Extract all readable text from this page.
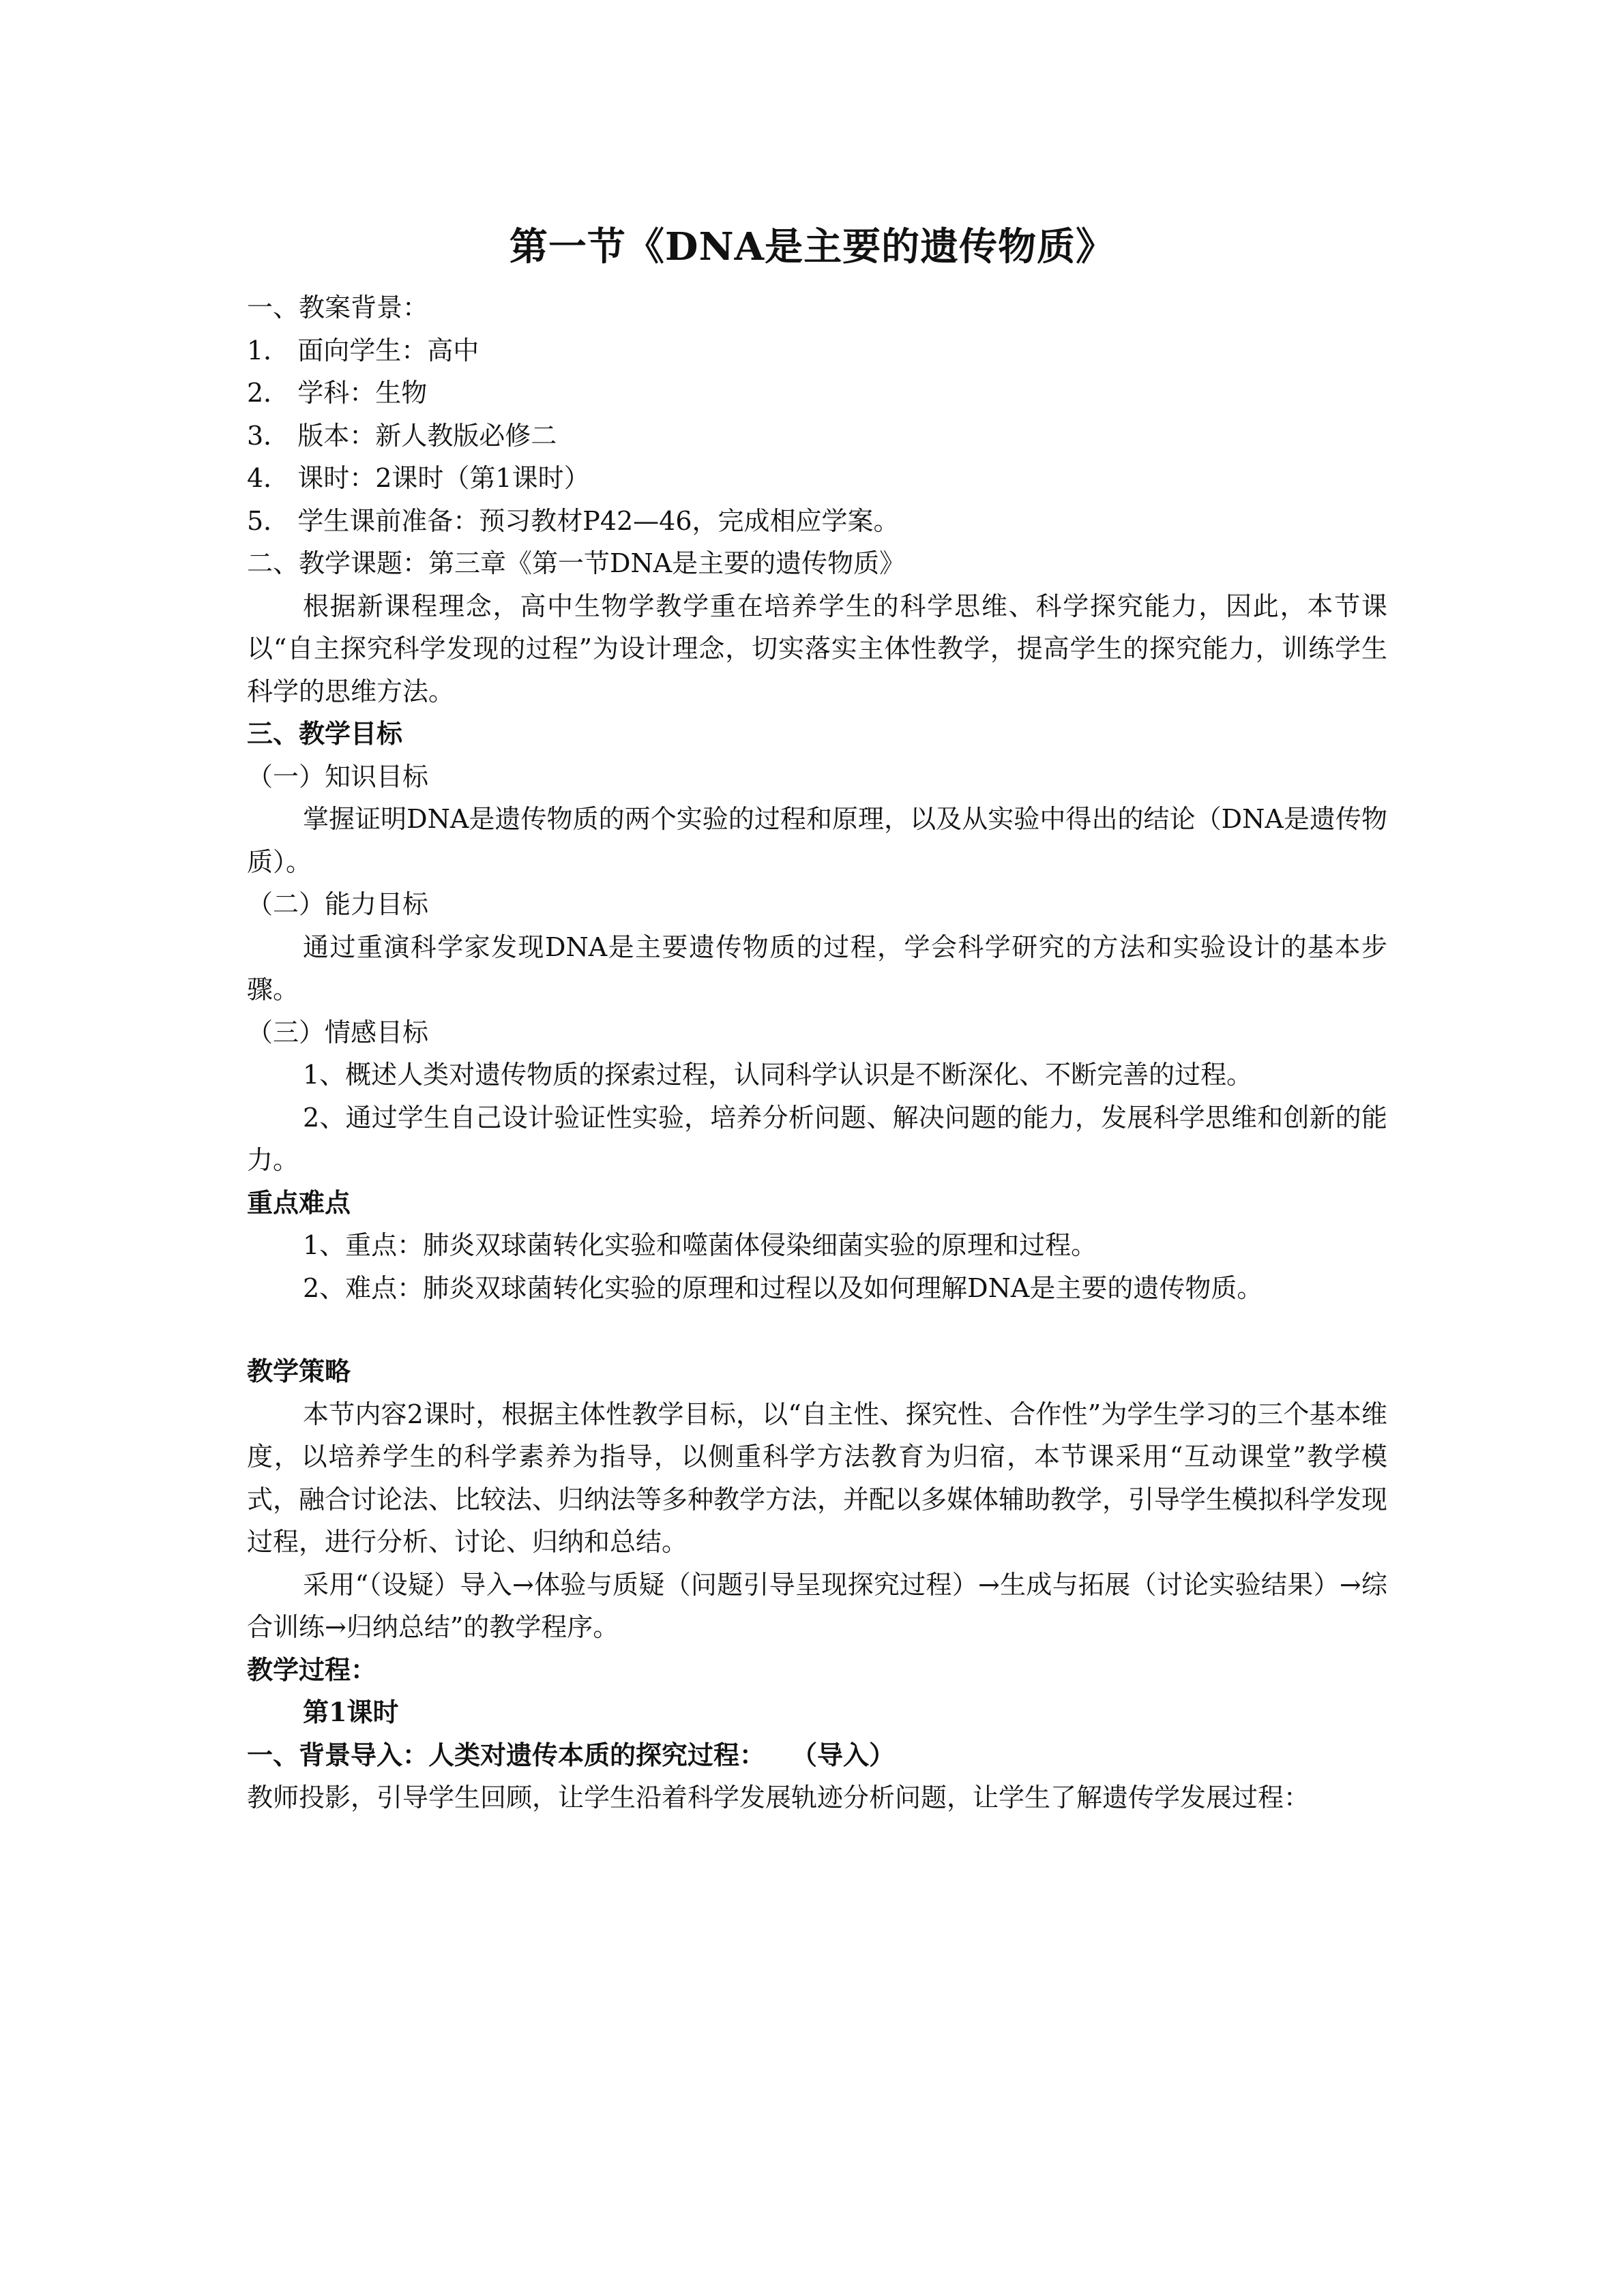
第一节《DNA是主要的遗传物质》

一、教案背景：

1． 面向学生：高中

2． 学科：生物

3． 版本：新人教版必修二

4． 课时：2课时（第1课时）

5． 学生课前准备：预习教材P42—46，完成相应学案。

二、教学课题：第三章《第一节DNA是主要的遗传物质》

根据新课程理念，高中生物学教学重在培养学生的科学思维、科学探究能力，因此，本节课以“自主探究科学发现的过程”为设计理念，切实落实主体性教学，提高学生的探究能力，训练学生科学的思维方法。

三、教学目标

（一）知识目标

掌握证明DNA是遗传物质的两个实验的过程和原理，以及从实验中得出的结论（DNA是遗传物质）。

（二）能力目标

通过重演科学家发现DNA是主要遗传物质的过程，学会科学研究的方法和实验设计的基本步骤。

（三）情感目标

1、概述人类对遗传物质的探索过程，认同科学认识是不断深化、不断完善的过程。

2、通过学生自己设计验证性实验，培养分析问题、解决问题的能力，发展科学思维和创新的能力。

重点难点

1、重点：肺炎双球菌转化实验和噬菌体侵染细菌实验的原理和过程。

2、难点：肺炎双球菌转化实验的原理和过程以及如何理解DNA是主要的遗传物质。

教学策略

本节内容2课时，根据主体性教学目标，以“自主性、探究性、合作性”为学生学习的三个基本维度，以培养学生的科学素养为指导，以侧重科学方法教育为归宿，本节课采用“互动课堂”教学模式，融合讨论法、比较法、归纳法等多种教学方法，并配以多媒体辅助教学，引导学生模拟科学发现过程，进行分析、讨论、归纳和总结。

采用“（设疑）导入→体验与质疑（问题引导呈现探究过程）→生成与拓展（讨论实验结果）→综合训练→归纳总结”的教学程序。

教学过程：

第1课时

一、背景导入：人类对遗传本质的探究过程：　　（导入）

教师投影，引导学生回顾，让学生沿着科学发展轨迹分析问题，让学生了解遗传学发展过程：
